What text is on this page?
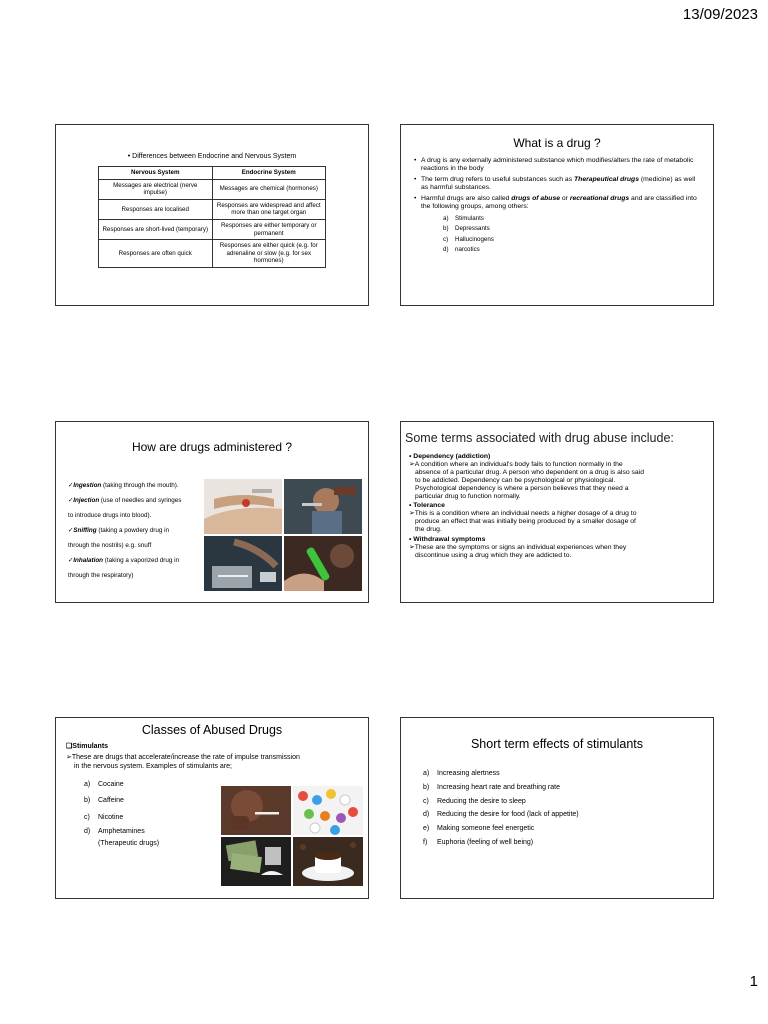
13/09/2023
• Differences between Endocrine and Nervous System
Nervous System	Endocrine System
Messages are electrical (nerve impulse)	Messages are chemical (hormones)
Responses are localised	Responses are widespread and affect more than one target organ
Responses are short-lived (temporary)	Responses are either temporary or permanent
Responses are often quick	Responses are either quick (e.g. for adrenaline or slow (e.g. for sex hormones)
What is a drug ?
• A drug is any externally administered substance which modifies/alters the rate of metabolic reactions in the body
• The term drug refers to useful substances such as Therapeutical drugs (medicine) as well as harmful substances.
• Harmful drugs are also called drugs of abuse or recreational drugs and are classified into the following groups, among others:
a) Stimulants
b) Depressants
c) Hallucinogens
d) narcotics
How are drugs administered ?
✓Ingestion (taking through the mouth).
✓Injection (use of needles and syringes
to introduce drugs into blood).
✓Sniffing (taking a powdery drug in
through the nostrils) e.g. snuff
✓Inhalation (taking a vaporized drug in
through the respiratory)
Some terms associated with drug abuse include:
• Dependency (addiction)
➢A condition where an individual's body fails to function normally in the
absence of a particular drug. A person who dependent on a drug is also said
to be addicted. Dependency can be psychological or physiological.
Psychological dependency is where a person believes that they need a
particular drug to function normally.
• Tolerance
➢This is a condition where an individual needs a higher dosage of a drug to
produce an effect that was initially being produced by a smaller dosage of
the drug.
• Withdrawal symptoms
➢These are the symptoms or signs an individual experiences when they
discontinue using a drug which they are addicted to.
Classes of Abused Drugs
❑Stimulants
➢These are drugs that accelerate/increase the rate of impulse transmission
in the nervous system. Examples of stimulants are;
a) Cocaine
b) Caffeine
c) Nicotine
d) Amphetamines
(Therapeutic drugs)
Short term effects of stimulants
a) Increasing alertness
b) Increasing heart rate and breathing rate
c) Reducing the desire to sleep
d) Reducing the desire for food (lack of appetite)
e) Making someone feel energetic
f) Euphoria (feeling of well being)
1
